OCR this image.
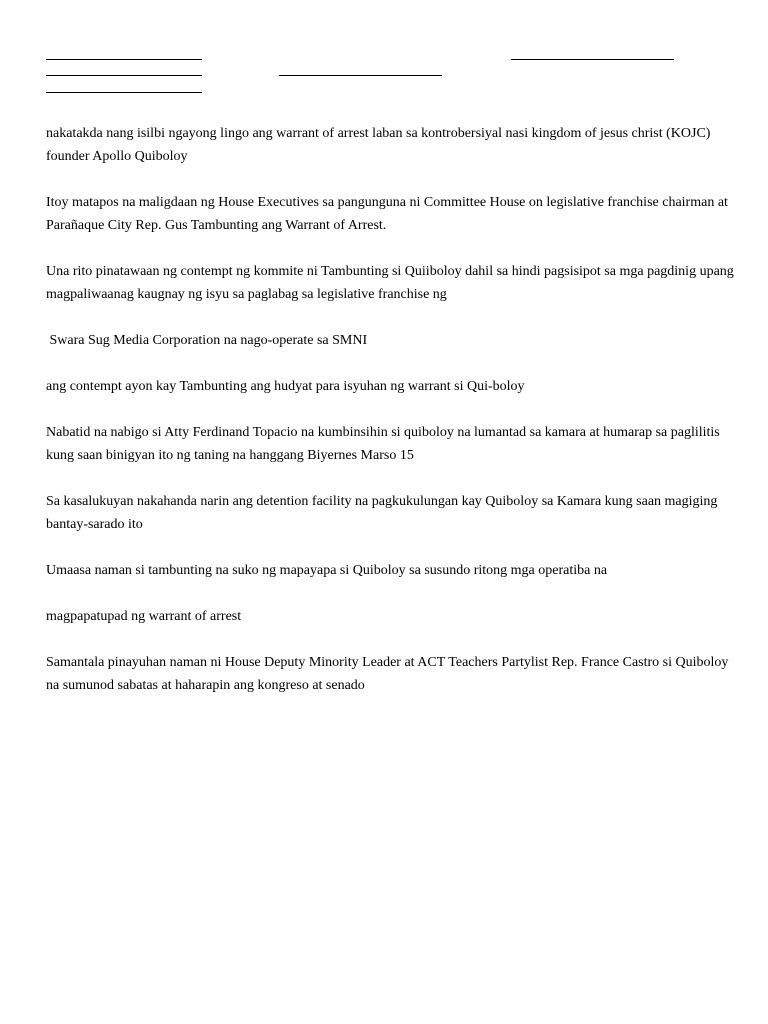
nakatakda nang isilbi ngayong lingo ang warrant of arrest laban sa kontrobersiyal nasi kingdom of jesus christ (KOJC) founder Apollo Quiboloy

Itoy matapos na maligdaan ng House Executives sa pangunguna ni Committee House on legislative franchise chairman at Parañaque City Rep. Gus Tambunting ang Warrant of Arrest.

Una rito pinatawaan ng contempt ng kommite ni Tambunting si Quiiboloy dahil sa hindi pagsisipot sa mga pagdinig upang magpaliwaanag kaugnay ng isyu sa paglabag sa legislative franchise ng

Swara Sug Media Corporation na nago-operate sa SMNI

ang contempt ayon kay Tambunting ang hudyat para isyuhan ng warrant si Qui-boloy

Nabatid na nabigo si Atty Ferdinand Topacio na kumbinsihin si quiboloy na lumantad sa kamara at humarap sa paglilitis kung saan binigyan ito ng taning na hanggang Biyernes Marso 15

Sa kasalukuyan nakahanda narin ang detention facility na pagkukulungan kay Quiboloy sa Kamara kung saan magiging bantay-sarado ito

Umaasa naman si tambunting na suko ng mapayapa si Quiboloy sa susundo ritong mga operatiba na

magpapatupad ng warrant of arrest

Samantala pinayuhan naman ni House Deputy Minority Leader at ACT Teachers Partylist Rep. France Castro si Quiboloy na sumunod sabatas at haharapin ang kongreso at senado
